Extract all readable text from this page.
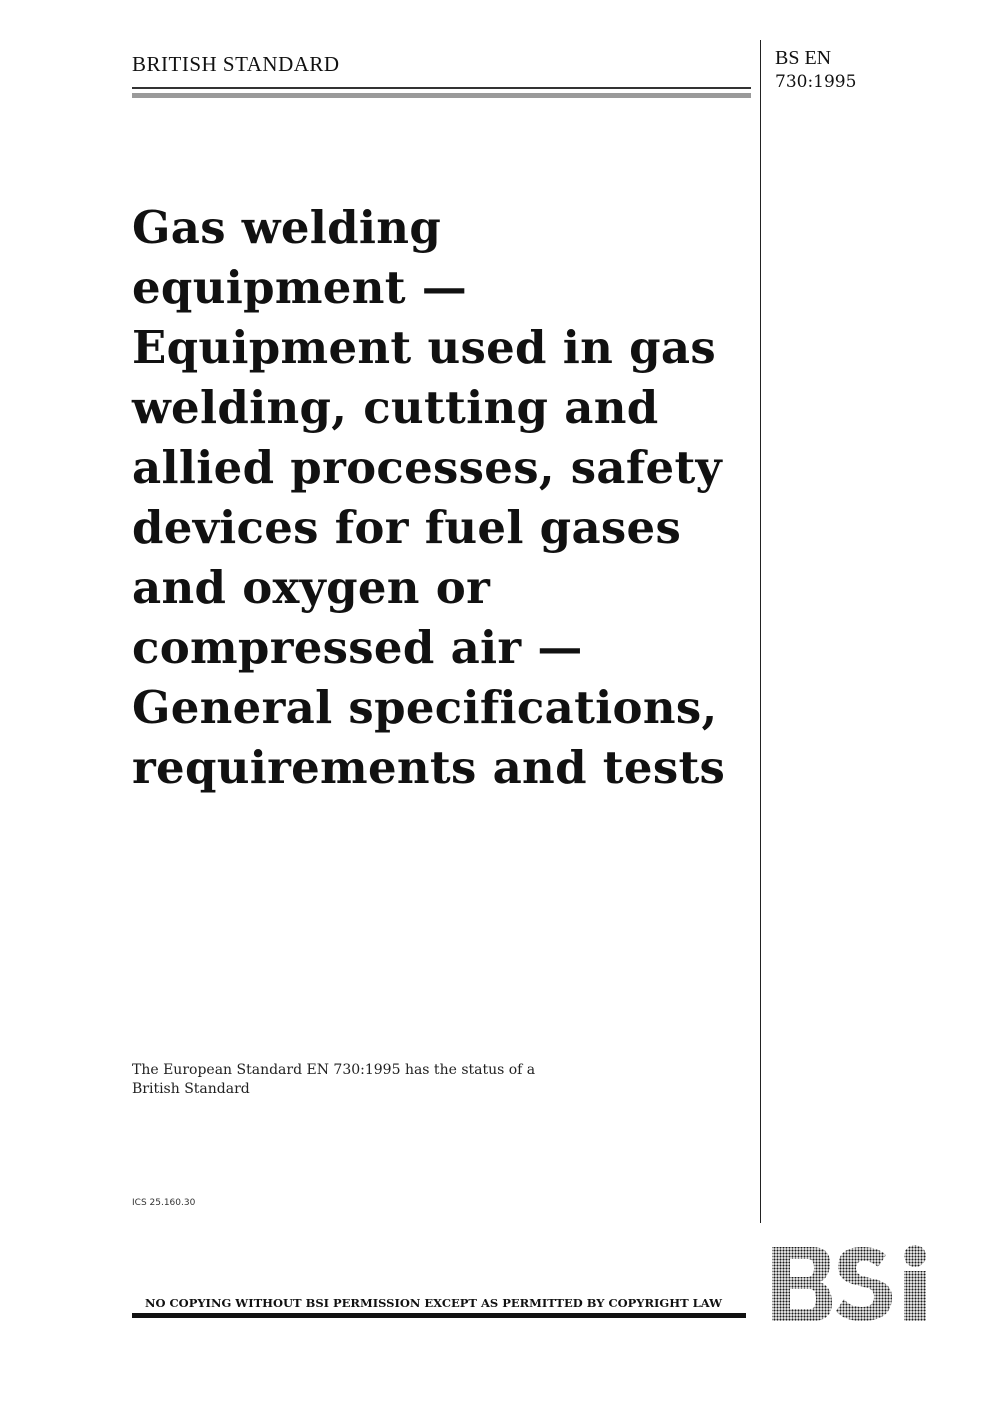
BRITISH STANDARD	BS EN
730:1995
Gas welding
equipment —
Equipment used in gas
welding, cutting and
allied processes, safety
devices for fuel gases
and oxygen or
compressed air —
General specifications,
requirements and tests
The European Standard EN 730:1995 has the status of a
British Standard
ICS 25.160.30
NO COPYING WITHOUT BSI PERMISSION EXCEPT AS PERMITTED BY COPYRIGHT LAW
